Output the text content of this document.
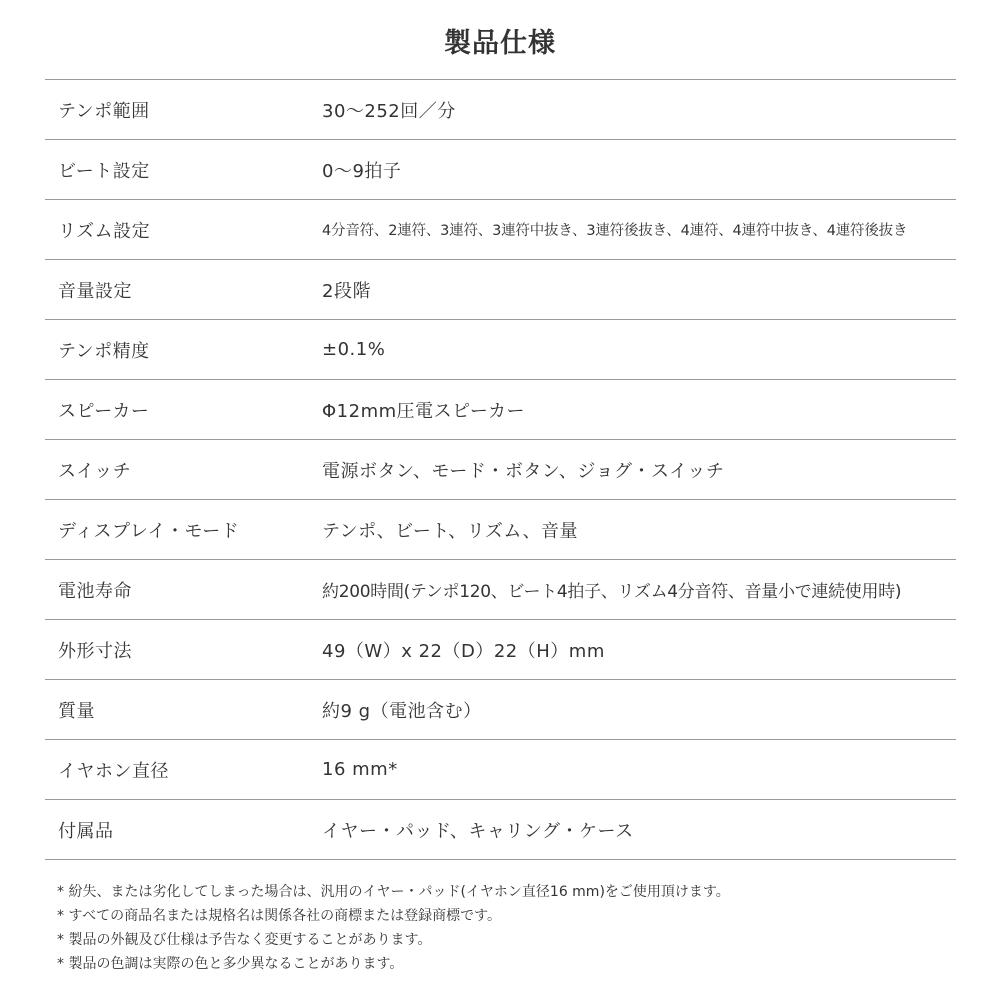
製品仕様
テンポ範囲	30〜252回／分
ビート設定	0〜9拍子
リズム設定	4分音符、2連符、3連符、3連符中抜き、3連符後抜き、4連符、4連符中抜き、4連符後抜き
音量設定	2段階
テンポ精度	±0.1%
スピーカー	Φ12mm圧電スピーカー
スイッチ	電源ボタン、モード・ボタン、ジョグ・スイッチ
ディスプレイ・モード	テンポ、ビート、リズム、音量
電池寿命	約200時間(テンポ120、ビート4拍子、リズム4分音符、音量小で連続使用時)
外形寸法	49（W）x 22（D）22（H）mm
質量	約9 g（電池含む）
イヤホン直径	16 mm*
付属品	イヤー・パッド、キャリング・ケース
* 紛失、または劣化してしまった場合は、汎用のイヤー・パッド(イヤホン直径16 mm)をご使用頂けます。
* すべての商品名または規格名は関係各社の商標または登録商標です。
* 製品の外観及び仕様は予告なく変更することがあります。
* 製品の色調は実際の色と多少異なることがあります。
